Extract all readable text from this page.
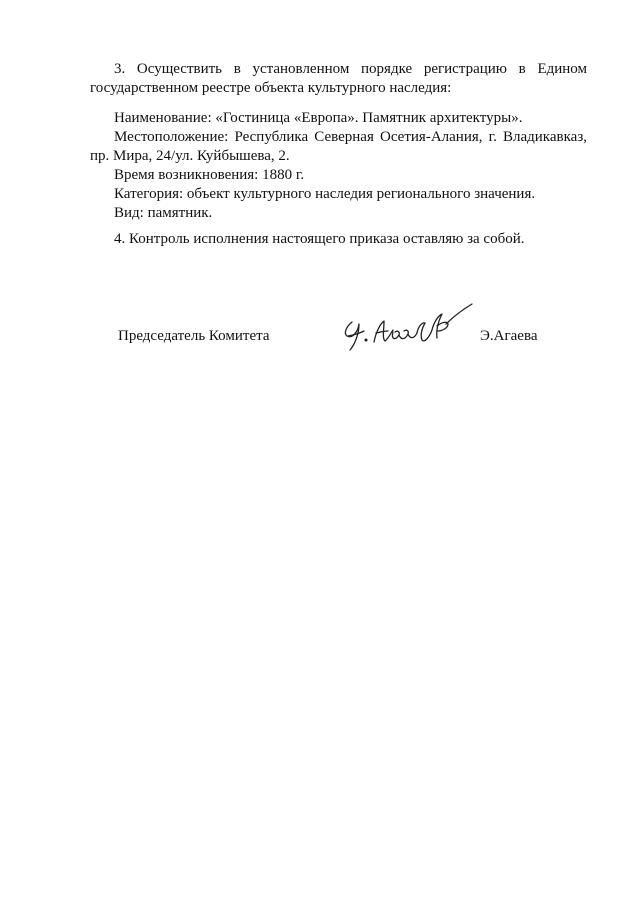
3. Осуществить в установленном порядке регистрацию в Едином
государственном реестре объекта культурного наследия:
Наименование: «Гостиница «Европа». Памятник архитектуры».
Местоположение: Республика Северная Осетия-Алания, г. Владикавказ,
пр. Мира, 24/ул. Куйбышева, 2.
Время возникновения: 1880 г.
Категория: объект культурного наследия регионального значения.
Вид: памятник.
4. Контроль исполнения настоящего приказа оставляю за собой.
Председатель Комитета	Э.Агаева
